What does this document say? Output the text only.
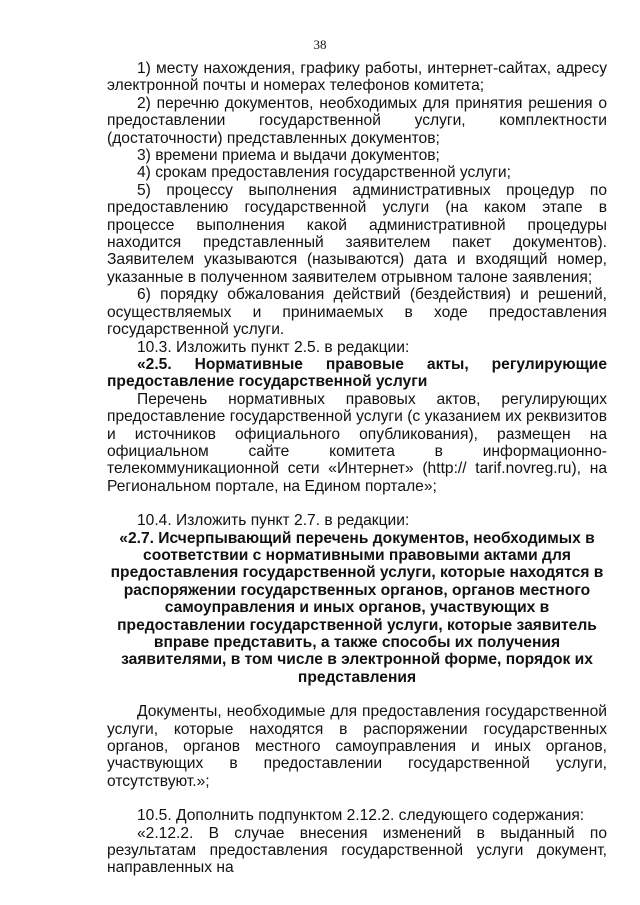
38

1) месту нахождения, графику работы, интернет-сайтах, адресу электронной почты и номерах телефонов комитета;

2) перечню документов, необходимых для принятия решения о предоставлении государственной услуги, комплектности (достаточности) представленных документов;

3) времени приема и выдачи документов;

4) срокам предоставления государственной услуги;

5) процессу выполнения административных процедур по предоставлению государственной услуги (на каком этапе в процессе выполнения какой административной процедуры находится представленный заявителем пакет документов). Заявителем указываются (называются) дата и входящий номер, указанные в полученном заявителем отрывном талоне заявления;

6) порядку обжалования действий (бездействия) и решений, осуществляемых и принимаемых в ходе предоставления государственной услуги.

10.3. Изложить пункт 2.5. в редакции:

«2.5. Нормативные правовые акты, регулирующие предоставление государственной услуги

Перечень нормативных правовых актов, регулирующих предоставление государственной услуги (с указанием их реквизитов и источников официального опубликования), размещен на официальном сайте комитета в информационно-телекоммуникационной сети «Интернет» (http:// tarif.novreg.ru), на Региональном портале, на Едином портале»;

10.4. Изложить пункт 2.7. в редакции:

«2.7. Исчерпывающий перечень документов, необходимых в соответствии с нормативными правовыми актами для предоставления государственной услуги, которые находятся в распоряжении государственных органов, органов местного самоуправления и иных органов, участвующих в предоставлении государственной услуги, которые заявитель вправе представить, а также способы их получения заявителями, в том числе в электронной форме, порядок их представления

Документы, необходимые для предоставления государственной услуги, которые находятся в распоряжении государственных органов, органов местного самоуправления и иных органов, участвующих в предоставлении государственной услуги, отсутствуют.»;

10.5. Дополнить подпунктом 2.12.2. следующего содержания:

«2.12.2. В случае внесения изменений в выданный по результатам предоставления государственной услуги документ, направленных на
